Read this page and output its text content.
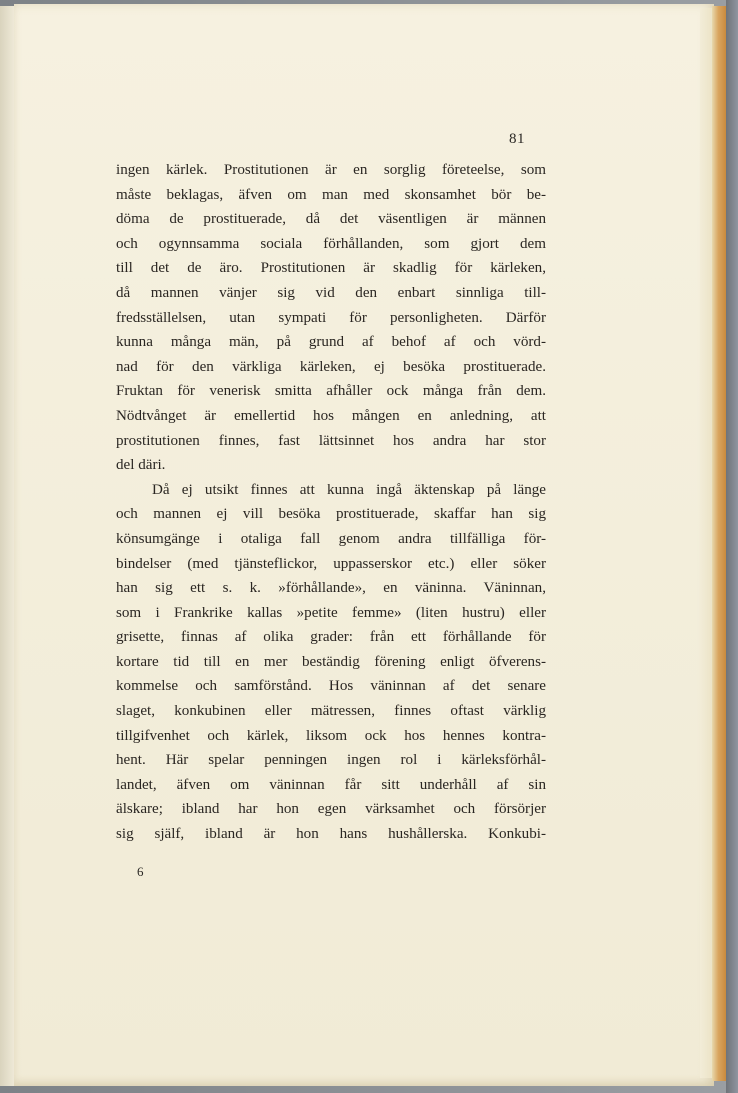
81
ingen kärlek. Prostitutionen är en sorglig företeelse, som
måste beklagas, äfven om man med skonsamhet bör be-
döma de prostituerade, då det väsentligen är männen
och ogynnsamma sociala förhållanden, som gjort dem
till det de äro. Prostitutionen är skadlig för kärleken,
då mannen vänjer sig vid den enbart sinnliga till-
fredsställelsen, utan sympati för personligheten. Därför
kunna många män, på grund af behof af och vörd-
nad för den värkliga kärleken, ej besöka prostituerade.
Fruktan för venerisk smitta afhåller ock många från dem.
Nödtvånget är emellertid hos mången en anledning, att
prostitutionen finnes, fast lättsinnet hos andra har stor
del däri.
Då ej utsikt finnes att kunna ingå äktenskap på länge
och mannen ej vill besöka prostituerade, skaffar han sig
könsumgänge i otaliga fall genom andra tillfälliga för-
bindelser (med tjänsteflickor, uppasserskor etc.) eller söker
han sig ett s. k. »förhållande», en väninna. Väninnan,
som i Frankrike kallas »petite femme» (liten hustru) eller
grisette, finnas af olika grader: från ett förhållande för
kortare tid till en mer beständig förening enligt öfverens-
kommelse och samförstånd. Hos väninnan af det senare
slaget, konkubinen eller mätressen, finnes oftast värklig
tillgifvenhet och kärlek, liksom ock hos hennes kontra-
hent. Här spelar penningen ingen rol i kärleksförhål-
landet, äfven om väninnan får sitt underhåll af sin
älskare; ibland har hon egen värksamhet och försörjer
sig själf, ibland är hon hans hushållerska. Konkubi-
6
